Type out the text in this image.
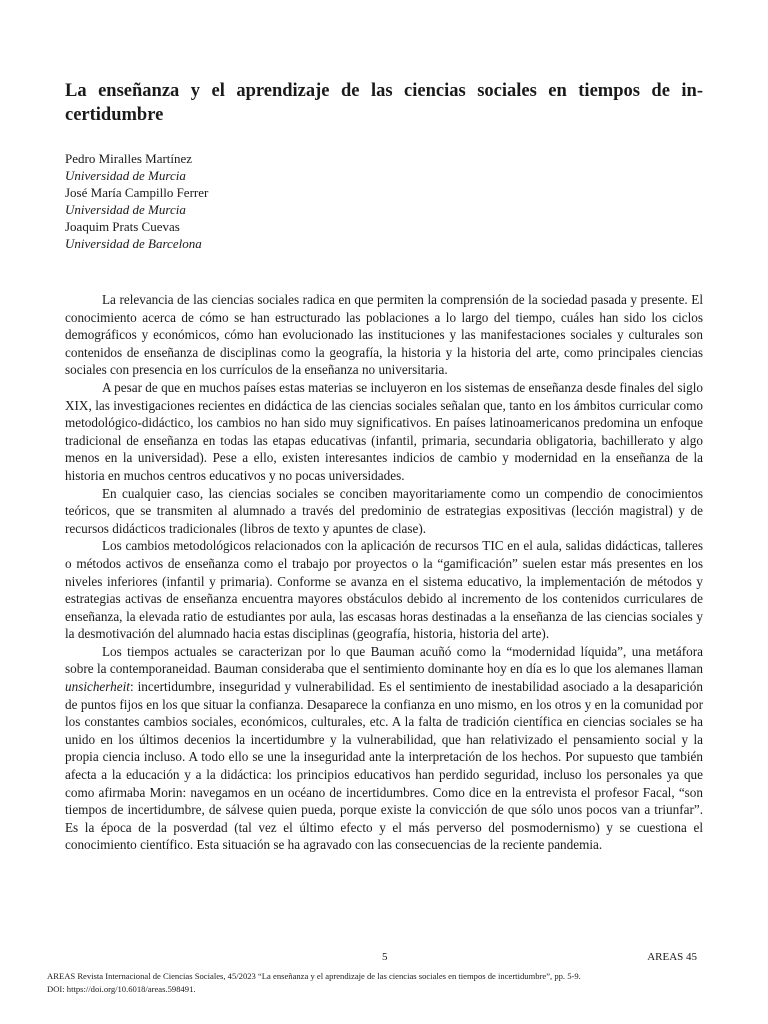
La enseñanza y el aprendizaje de las ciencias sociales en tiempos de incertidumbre
Pedro Miralles Martínez
Universidad de Murcia
José María Campillo Ferrer
Universidad de Murcia
Joaquim Prats Cuevas
Universidad de Barcelona

La relevancia de las ciencias sociales radica en que permiten la comprensión de la sociedad pasada y presente. El conocimiento acerca de cómo se han estructurado las poblaciones a lo largo del tiempo, cuáles han sido los ciclos demográficos y económicos, cómo han evolucionado las instituciones y las manifestaciones sociales y culturales son contenidos de enseñanza de disciplinas como la geografía, la historia y la historia del arte, como principales ciencias sociales con presencia en los currículos de la enseñanza no universitaria.

A pesar de que en muchos países estas materias se incluyeron en los sistemas de enseñanza desde finales del siglo XIX, las investigaciones recientes en didáctica de las ciencias sociales señalan que, tanto en los ámbitos curricular como metodológico-didáctico, los cambios no han sido muy significativos. En países latinoamericanos predomina un enfoque tradicional de enseñanza en todas las etapas educativas (infantil, primaria, secundaria obligatoria, bachillerato y algo menos en la universidad). Pese a ello, existen interesantes indicios de cambio y modernidad en la enseñanza de la historia en muchos centros educativos y no pocas universidades.

En cualquier caso, las ciencias sociales se conciben mayoritariamente como un compendio de conocimientos teóricos, que se transmiten al alumnado a través del predominio de estrategias expositivas (lección magistral) y de recursos didácticos tradicionales (libros de texto y apuntes de clase).

Los cambios metodológicos relacionados con la aplicación de recursos TIC en el aula, salidas didácticas, talleres o métodos activos de enseñanza como el trabajo por proyectos o la “gamificación” suelen estar más presentes en los niveles inferiores (infantil y primaria). Conforme se avanza en el sistema educativo, la implementación de métodos y estrategias activas de enseñanza encuentra mayores obstáculos debido al incremento de los contenidos curriculares de enseñanza, la elevada ratio de estudiantes por aula, las escasas horas destinadas a la enseñanza de las ciencias sociales y la desmotivación del alumnado hacia estas disciplinas (geografía, historia, historia del arte).

Los tiempos actuales se caracterizan por lo que Bauman acuñó como la “modernidad líquida”, una metáfora sobre la contemporaneidad. Bauman consideraba que el sentimiento dominante hoy en día es lo que los alemanes llaman unsicherheit: incertidumbre, inseguridad y vulnerabilidad. Es el sentimiento de inestabilidad asociado a la desaparición de puntos fijos en los que situar la confianza. Desaparece la confianza en uno mismo, en los otros y en la comunidad por los constantes cambios sociales, económicos, culturales, etc. A la falta de tradición científica en ciencias sociales se ha unido en los últimos decenios la incertidumbre y la vulnerabilidad, que han relativizado el pensamiento social y la propia ciencia incluso. A todo ello se une la inseguridad ante la interpretación de los hechos. Por supuesto que también afecta a la educación y a la didáctica: los principios educativos han perdido seguridad, incluso los personales ya que como afirmaba Morin: navegamos en un océano de incertidumbres. Como dice en la entrevista el profesor Facal, “son tiempos de incertidumbre, de sálvese quien pueda, porque existe la convicción de que sólo unos pocos van a triunfar”. Es la época de la posverdad (tal vez el último efecto y el más perverso del posmodernismo) y se cuestiona el conocimiento científico. Esta situación se ha agravado con las consecuencias de la reciente pandemia.

5	AREAS 45
AREAS Revista Internacional de Ciencias Sociales, 45/2023 “La enseñanza y el aprendizaje de las ciencias sociales en tiempos de incertidumbre”, pp. 5-9.
DOI: https://doi.org/10.6018/areas.598491.
